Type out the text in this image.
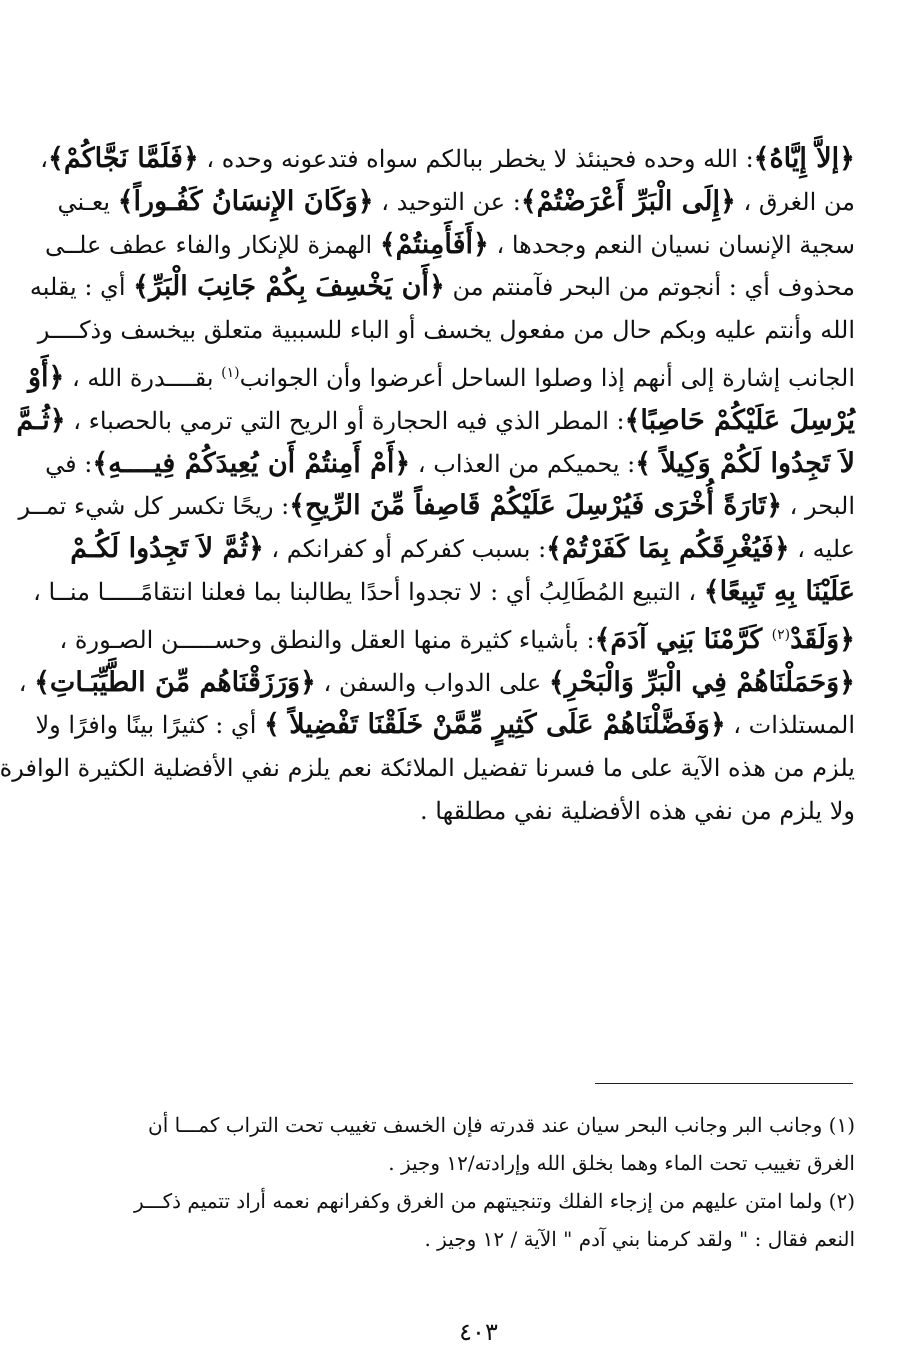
﴿إلاَّ إِيَّاهُ﴾: الله وحده فحينئذ لا يخطر ببالكم سواه فتدعونه وحده ، ﴿فَلَمَّا نَجَّاكُمْ﴾،
من الغرق ، ﴿إِلَى الْبَرِّ أَعْرَضْتُمْ﴾: عن التوحيد ، ﴿وَكَانَ الإِنسَانُ كَفُـوراً﴾ يعـني
سجية الإنسان نسيان النعم وجحدها ، ﴿أَفَأَمِنتُمْ﴾ الهمزة للإنكار والفاء عطف علــى
محذوف أي : أنجوتم من البحر فآمنتم من ﴿أَن يَخْسِفَ بِكُمْ جَانِبَ الْبَرِّ﴾ أي : يقلبه
الله وأنتم عليه وبكم حال من مفعول يخسف أو الباء للسببية متعلق بيخسف وذكــــر
الجانب إشارة إلى أنهم إذا وصلوا الساحل أعرضوا وأن الجوانب$^{(١)}$ بقــــدرة الله ، ﴿أَوْ
يُرْسِلَ عَلَيْكُمْ حَاصِبًا﴾: المطر الذي فيه الحجارة أو الريح التي ترمي بالحصباء ، ﴿ثُـمَّ
لاَ تَجِدُوا لَكُمْ وَكِيلاً ﴾: يحميكم من العذاب ، ﴿أَمْ أَمِنتُمْ أَن يُعِيدَكُمْ فِيــــهِ﴾: في
البحر ، ﴿تَارَةً أُخْرَى فَيُرْسِلَ عَلَيْكُمْ قَاصِفاً مِّنَ الرِّيحِ﴾: ريحًا تكسر كل شيء تمــر
عليه ، ﴿فَيُغْرِقَكُم بِمَا كَفَرْتُمْ﴾: بسبب كفركم أو كفرانكم ، ﴿ثُمَّ لاَ تَجِدُوا لَكُـمْ
عَلَيْنَا بِهِ تَبِيعًا﴾ ، التبيع المُطَالِبُ أي : لا تجدوا أحدًا يطالبنا بما فعلنا انتقامًـــــا منــا ،
﴿وَلَقَدْ$^{(٢)}$ كَرَّمْنَا بَنِي آدَمَ﴾: بأشياء كثيرة منها العقل والنطق وحســـــن الصـورة ،
﴿وَحَمَلْنَاهُمْ فِي الْبَرِّ وَالْبَحْرِ﴾ على الدواب والسفن ، ﴿وَرَزَقْنَاهُم مِّنَ الطَّيِّبَـاتِ﴾ ،
المستلذات ، ﴿وَفَضَّلْنَاهُمْ عَلَى كَثِيرٍ مِّمَّنْ خَلَقْنَا تَفْضِيلاً ﴾ أي : كثيرًا بينًا وافرًا ولا
يلزم من هذه الآية على ما فسرنا تفضيل الملائكة نعم يلزم نفي الأفضلية الكثيرة الوافرة
ولا يلزم من نفي هذه الأفضلية نفي مطلقها .
(١) وجانب البر وجانب البحر سيان عند قدرته فإن الخسف تغييب تحت التراب كمـــا أن
الغرق تغييب تحت الماء وهما بخلق الله وإرادته/١٢ وجيز .
(٢) ولما امتن عليهم من إزجاء الفلك وتنجيتهم من الغرق وكفرانهم نعمه أراد تتميم ذكـــر
النعم فقال : " ولقد كرمنا بني آدم " الآية / ١٢ وجيز .
٤٠٣
